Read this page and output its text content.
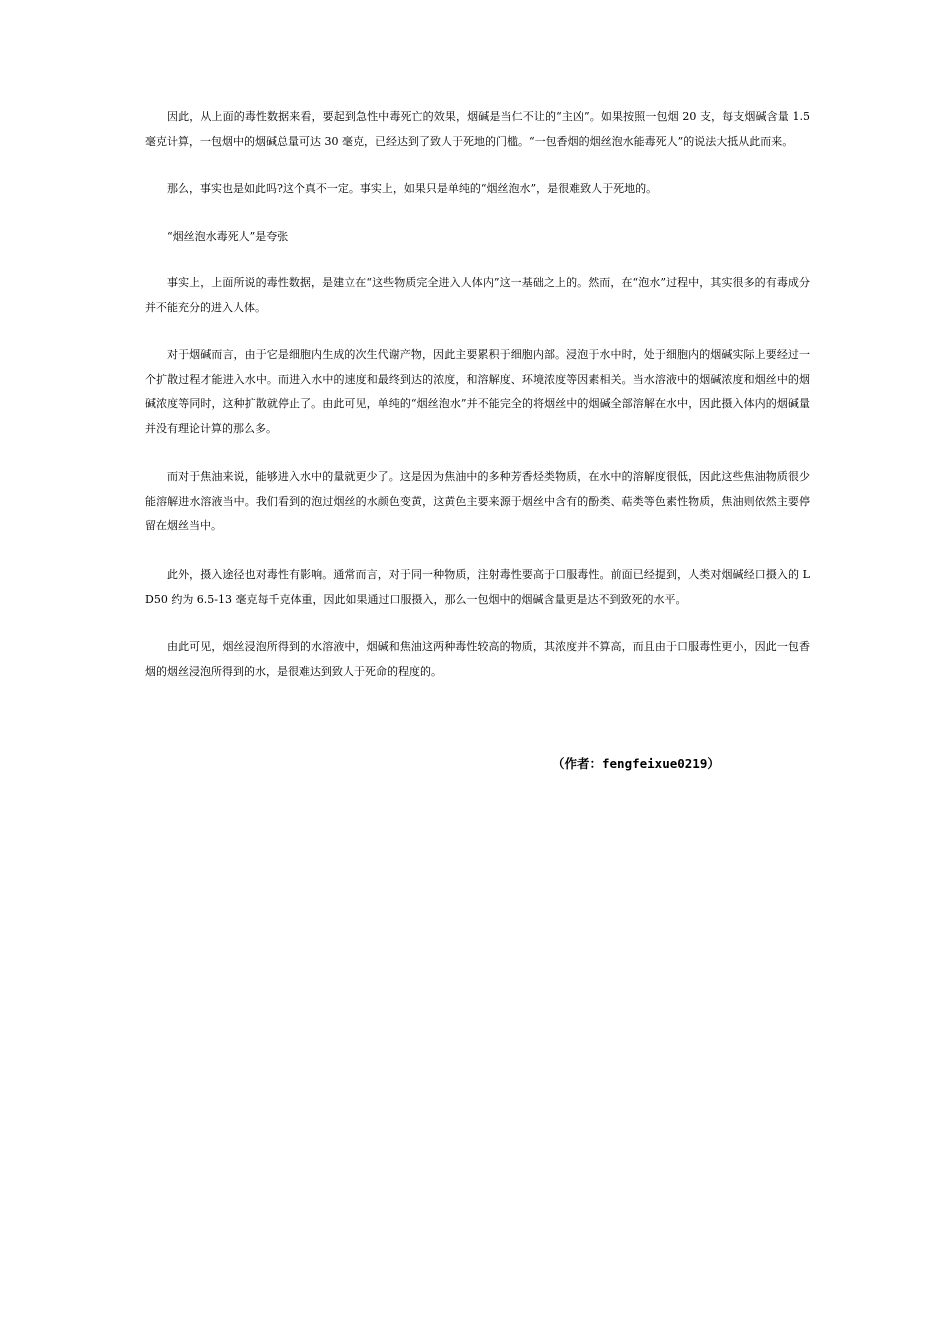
因此，从上面的毒性数据来看，要起到急性中毒死亡的效果，烟碱是当仁不让的“主凶”。如果按照一包烟 20 支，每支烟碱含量 1.5 毫克计算，一包烟中的烟碱总量可达 30 毫克，已经达到了致人于死地的门槛。“一包香烟的烟丝泡水能毒死人”的说法大抵从此而来。

那么，事实也是如此吗?这个真不一定。事实上，如果只是单纯的“烟丝泡水”，是很难致人于死地的。

“烟丝泡水毒死人”是夸张

事实上，上面所说的毒性数据，是建立在“这些物质完全进入人体内”这一基础之上的。然而，在“泡水”过程中，其实很多的有毒成分并不能充分的进入人体。

对于烟碱而言，由于它是细胞内生成的次生代谢产物，因此主要累积于细胞内部。浸泡于水中时，处于细胞内的烟碱实际上要经过一个扩散过程才能进入水中。而进入水中的速度和最终到达的浓度，和溶解度、环境浓度等因素相关。当水溶液中的烟碱浓度和烟丝中的烟碱浓度等同时，这种扩散就停止了。由此可见，单纯的“烟丝泡水”并不能完全的将烟丝中的烟碱全部溶解在水中，因此摄入体内的烟碱量并没有理论计算的那么多。

而对于焦油来说，能够进入水中的量就更少了。这是因为焦油中的多种芳香烃类物质，在水中的溶解度很低，因此这些焦油物质很少能溶解进水溶液当中。我们看到的泡过烟丝的水颜色变黄，这黄色主要来源于烟丝中含有的酚类、萜类等色素性物质，焦油则依然主要停留在烟丝当中。

此外，摄入途径也对毒性有影响。通常而言，对于同一种物质，注射毒性要高于口服毒性。前面已经提到，人类对烟碱经口摄入的 LD50 约为 6.5-13 毫克每千克体重，因此如果通过口服摄入，那么一包烟中的烟碱含量更是达不到致死的水平。

由此可见，烟丝浸泡所得到的水溶液中，烟碱和焦油这两种毒性较高的物质，其浓度并不算高，而且由于口服毒性更小，因此一包香烟的烟丝浸泡所得到的水，是很难达到致人于死命的程度的。

（作者：fengfeixue0219）
